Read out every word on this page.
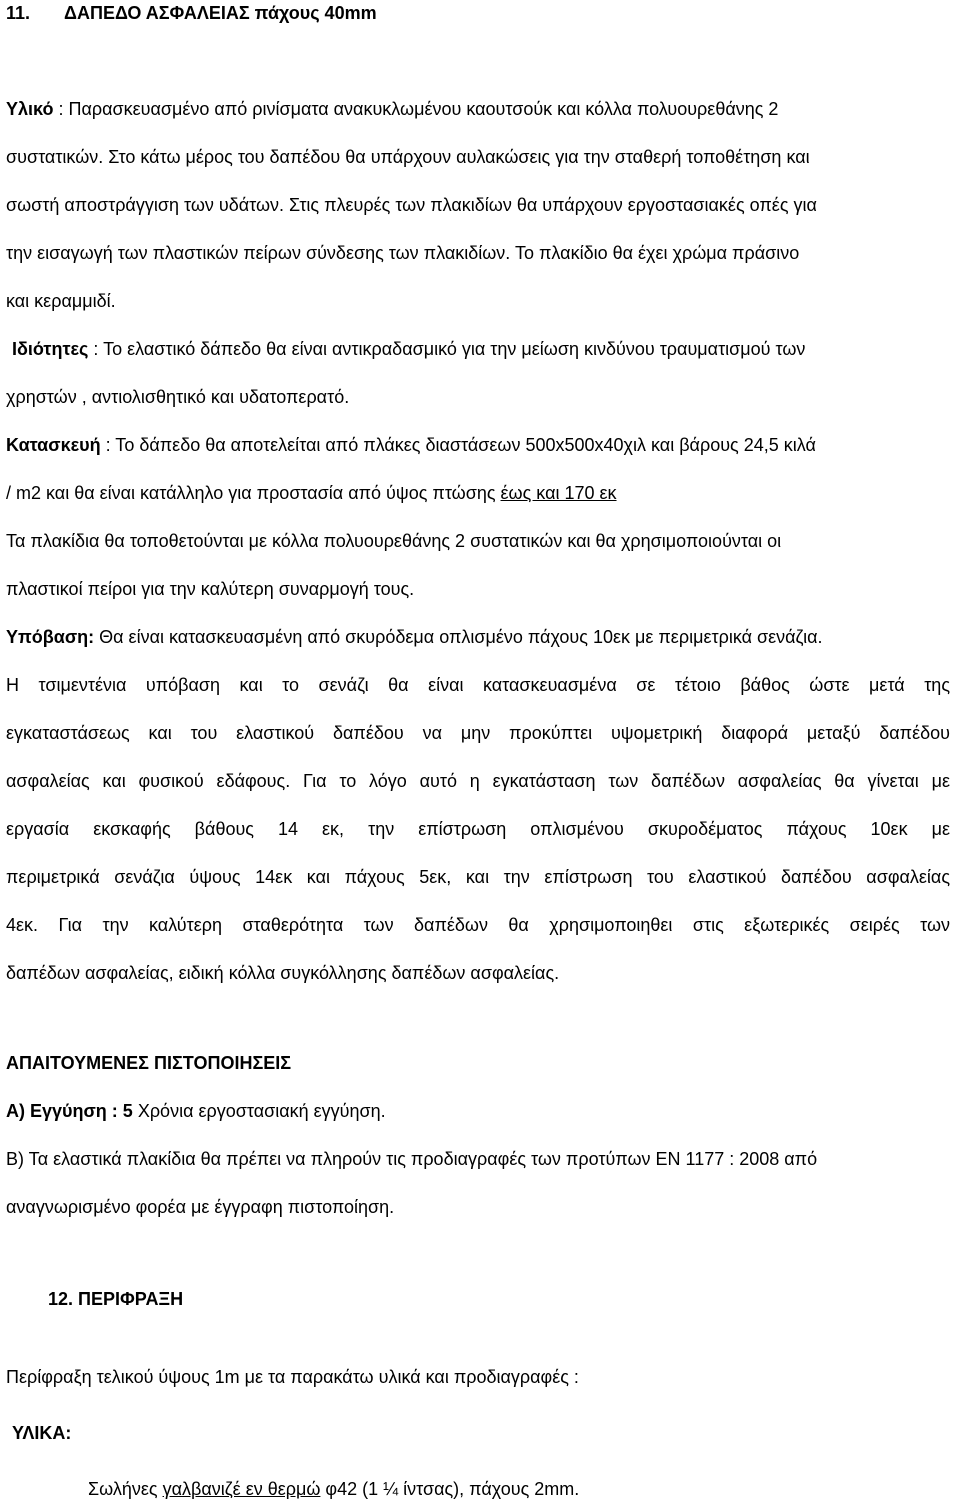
11. ΔΑΠΕΔΟ ΑΣΦΑΛΕΙΑΣ πάχους 40mm
Υλικό : Παρασκευασμένο από ρινίσματα ανακυκλωμένου καουτσούκ και κόλλα πολυουρεθάνης 2
συστατικών. Στο κάτω μέρος του δαπέδου θα υπάρχουν αυλακώσεις για την σταθερή τοποθέτηση και
σωστή αποστράγγιση των υδάτων. Στις πλευρές των πλακιδίων θα υπάρχουν εργοστασιακές οπές για
την εισαγωγή των πλαστικών πείρων σύνδεσης των πλακιδίων. Το πλακίδιο θα έχει χρώμα πράσινο
και κεραμμιδί.
Ιδιότητες : Το ελαστικό δάπεδο θα είναι αντικραδασμικό για την μείωση κινδύνου τραυματισμού των
χρηστών , αντιολισθητικό και υδατοπερατό.
Κατασκευή : Το δάπεδο θα αποτελείται από πλάκες διαστάσεων 500x500x40χιλ και βάρους 24,5 κιλά
/ m2 και θα είναι κατάλληλο για προστασία από ύψος πτώσης έως και 170 εκ
Τα πλακίδια θα τοποθετούνται με κόλλα πολυουρεθάνης 2 συστατικών και θα χρησιμοποιούνται οι
πλαστικοί πείροι για την καλύτερη συναρμογή τους.
Υπόβαση: Θα είναι κατασκευασμένη από σκυρόδεμα οπλισμένο πάχους 10εκ με περιμετρικά σενάζια.
Η τσιμεντένια υπόβαση και το σενάζι θα είναι κατασκευασμένα σε τέτοιο βάθος ώστε μετά της
εγκαταστάσεως και του ελαστικού δαπέδου να μην προκύπτει υψομετρική διαφορά μεταξύ δαπέδου
ασφαλείας και φυσικού εδάφους. Για το λόγο αυτό η εγκατάσταση των δαπέδων ασφαλείας θα γίνεται με
εργασία εκσκαφής βάθους 14 εκ, την επίστρωση οπλισμένου σκυροδέματος πάχους 10εκ με
περιμετρικά σενάζια ύψους 14εκ και πάχους 5εκ, και την επίστρωση του ελαστικού δαπέδου ασφαλείας
4εκ. Για την καλύτερη σταθερότητα των δαπέδων θα χρησιμοποιηθει στις εξωτερικές σειρές των
δαπέδων ασφαλείας, ειδική κόλλα συγκόλλησης δαπέδων ασφαλείας.
ΑΠΑΙΤΟΥΜΕΝΕΣ ΠΙΣΤΟΠΟΙΗΣΕΙΣ
Α) Εγγύηση : 5 Χρόνια εργοστασιακή εγγύηση.
Β) Τα ελαστικά πλακίδια θα πρέπει να πληρούν τις προδιαγραφές των προτύπων ΕΝ 1177 : 2008 από
αναγνωρισμένο φορέα με έγγραφη πιστοποίηση.
12. ΠΕΡΙΦΡΑΞΗ
Περίφραξη τελικού ύψους 1m με τα παρακάτω υλικά και προδιαγραφές :
ΥΛΙΚΑ:
Σωλήνες γαλβανιζέ εν θερμώ φ42 (1 ¼ ίντσας), πάχους 2mm.
